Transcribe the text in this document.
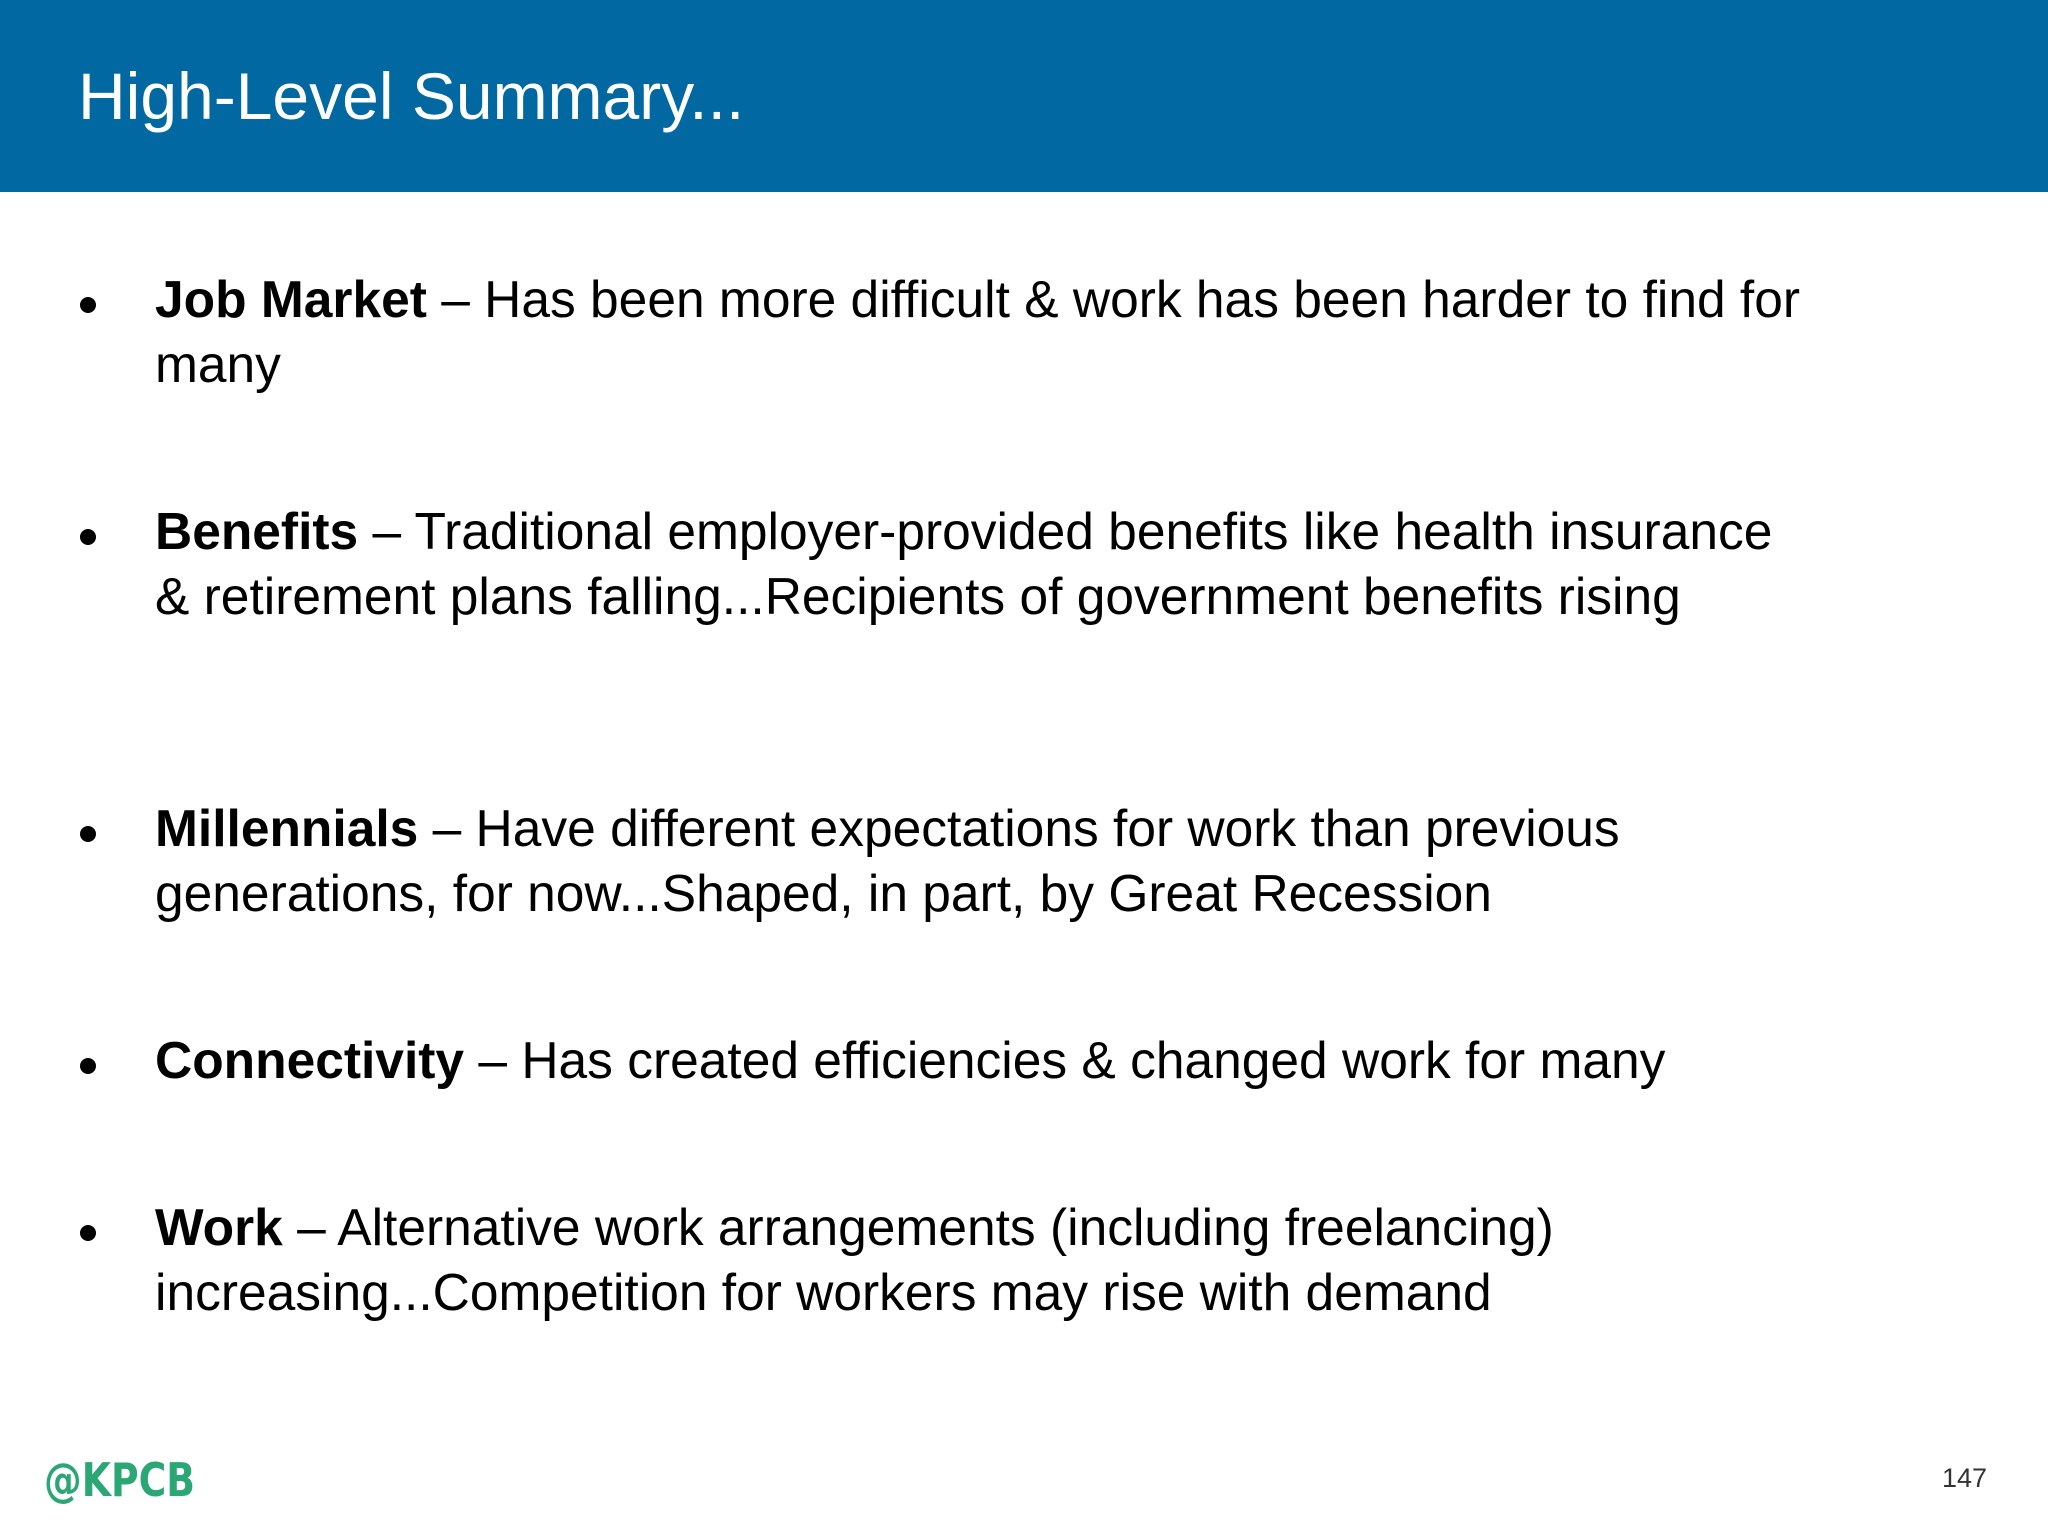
High-Level Summary...
Job Market – Has been more difficult & work has been harder to find for many
Benefits – Traditional employer-provided benefits like health insurance & retirement plans falling...Recipients of government benefits rising
Millennials – Have different expectations for work than previous generations, for now...Shaped, in part, by Great Recession
Connectivity – Has created efficiencies & changed work for many
Work – Alternative work arrangements (including freelancing) increasing...Competition for workers may rise with demand
@KPCB	147
